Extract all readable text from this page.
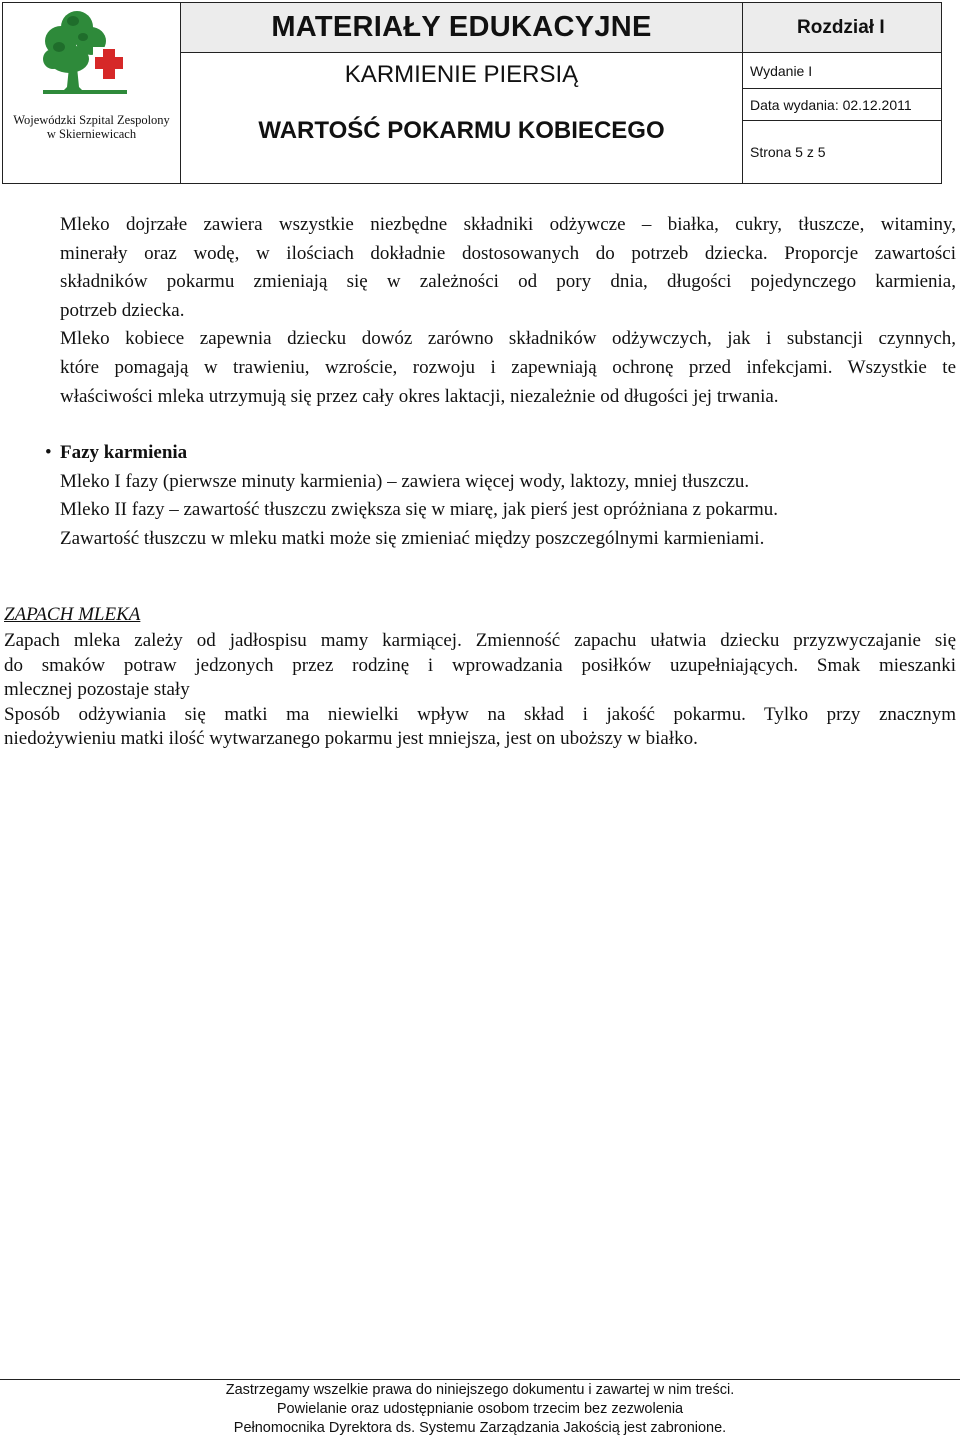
Wojewódzki Szpital Zespolony
w Skierniewicach
MATERIAŁY EDUKACYJNE
KARMIENIE PIERSIĄ
WARTOŚĆ POKARMU KOBIECEGO
Rozdział I
Wydanie I
Data wydania: 02.12.2011
Strona 5 z 5
Mleko dojrzałe zawiera wszystkie niezbędne składniki odżywcze – białka, cukry, tłuszcze, witaminy,
minerały oraz wodę, w ilościach dokładnie dostosowanych do potrzeb dziecka. Proporcje zawartości
składników pokarmu zmieniają się w zależności od pory dnia, długości pojedynczego karmienia,
potrzeb dziecka.
Mleko kobiece zapewnia dziecku dowóz zarówno składników odżywczych, jak i substancji czynnych,
które pomagają w trawieniu, wzroście, rozwoju i zapewniają ochronę przed infekcjami. Wszystkie te
właściwości mleka utrzymują się przez cały okres laktacji, niezależnie od długości jej trwania.
• Fazy karmienia
Mleko I fazy (pierwsze minuty karmienia) – zawiera więcej wody, laktozy, mniej tłuszczu.
Mleko II fazy – zawartość tłuszczu zwiększa się w miarę, jak pierś jest opróżniana z pokarmu.
Zawartość tłuszczu w mleku matki może się zmieniać między poszczególnymi karmieniami.
ZAPACH MLEKA
Zapach mleka zależy od jadłospisu mamy karmiącej. Zmienność zapachu ułatwia dziecku przyzwyczajanie się
do smaków potraw jedzonych przez rodzinę i wprowadzania posiłków uzupełniających. Smak mieszanki
mlecznej pozostaje stały
Sposób odżywiania się matki ma niewielki wpływ na skład i jakość pokarmu. Tylko przy znacznym
niedożywieniu matki ilość wytwarzanego pokarmu jest mniejsza, jest on uboższy w białko.
Zastrzegamy wszelkie prawa do niniejszego dokumentu i zawartej w nim treści.
Powielanie oraz udostępnianie osobom trzecim bez zezwolenia
Pełnomocnika Dyrektora ds. Systemu Zarządzania Jakością jest zabronione.
